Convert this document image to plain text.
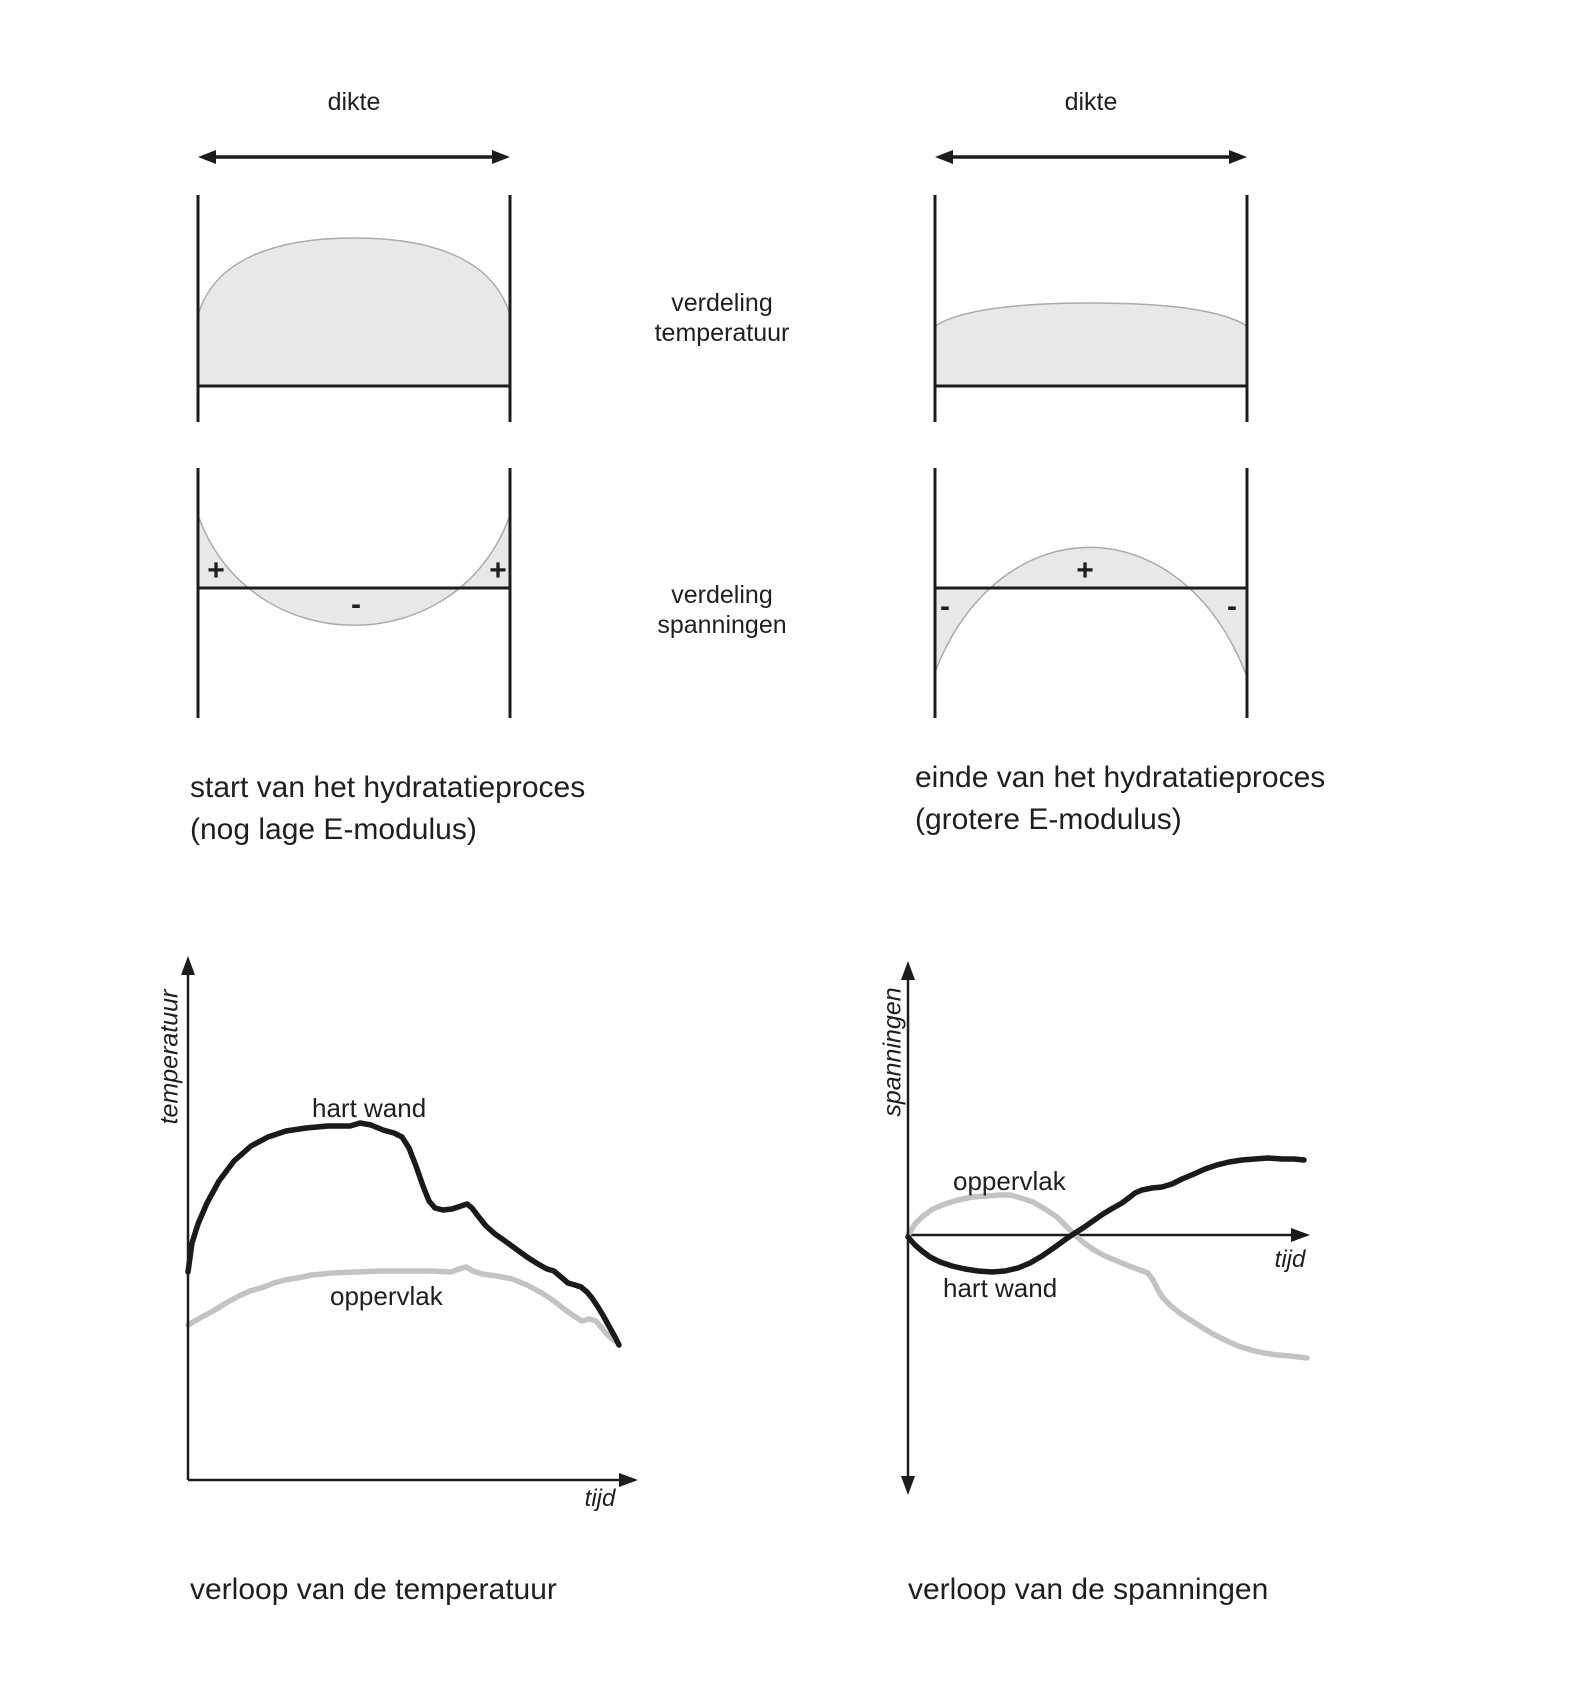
dikte	dikte
verdeling
temperatuur
verdeling
spanningen
+
-
+
-
+
-
start van het hydratatieproces
(nog lage E-modulus)
einde van het hydratatieproces
(grotere E-modulus)
temperatuur
tijd
hart wand
oppervlak
verloop van de temperatuur
spanningen
tijd
oppervlak
hart wand
verloop van de spanningen
